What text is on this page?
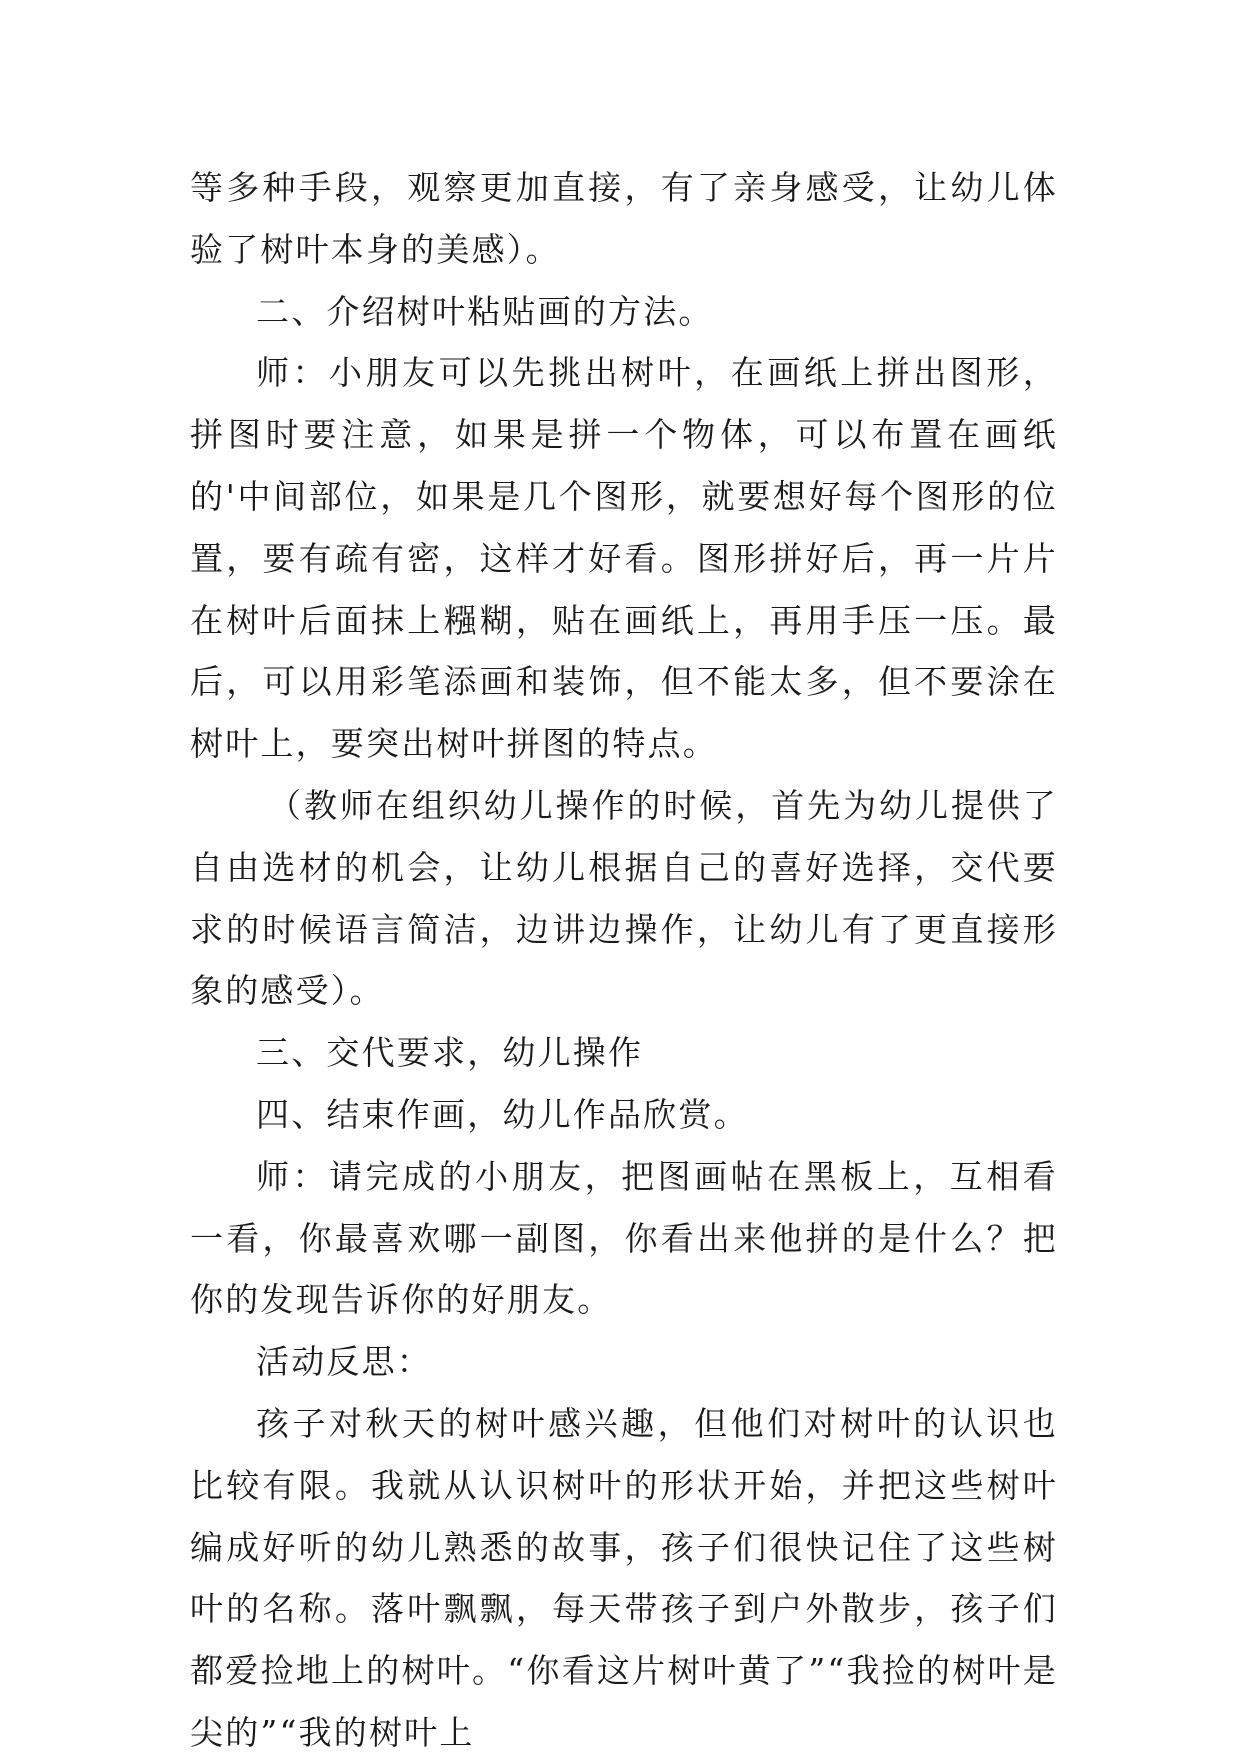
等多种手段，观察更加直接，有了亲身感受，让幼儿体验了树叶本身的美感）。

二、介绍树叶粘贴画的方法。

师：小朋友可以先挑出树叶，在画纸上拼出图形，拼图时要注意，如果是拼一个物体，可以布置在画纸的'中间部位，如果是几个图形，就要想好每个图形的位置，要有疏有密，这样才好看。图形拼好后，再一片片在树叶后面抹上糨糊，贴在画纸上，再用手压一压。最后，可以用彩笔添画和装饰，但不能太多，但不要涂在树叶上，要突出树叶拼图的特点。

（教师在组织幼儿操作的时候，首先为幼儿提供了自由选材的机会，让幼儿根据自己的喜好选择，交代要求的时候语言简洁，边讲边操作，让幼儿有了更直接形象的感受）。

三、交代要求，幼儿操作

四、结束作画，幼儿作品欣赏。

师：请完成的小朋友，把图画帖在黑板上，互相看一看，你最喜欢哪一副图，你看出来他拼的是什么？把你的发现告诉你的好朋友。

活动反思：

孩子对秋天的树叶感兴趣，但他们对树叶的认识也比较有限。我就从认识树叶的形状开始，并把这些树叶编成好听的幼儿熟悉的故事，孩子们很快记住了这些树叶的名称。落叶飘飘，每天带孩子到户外散步，孩子们都爱捡地上的树叶。“你看这片树叶黄了”“我捡的树叶是尖的”“我的树叶上
